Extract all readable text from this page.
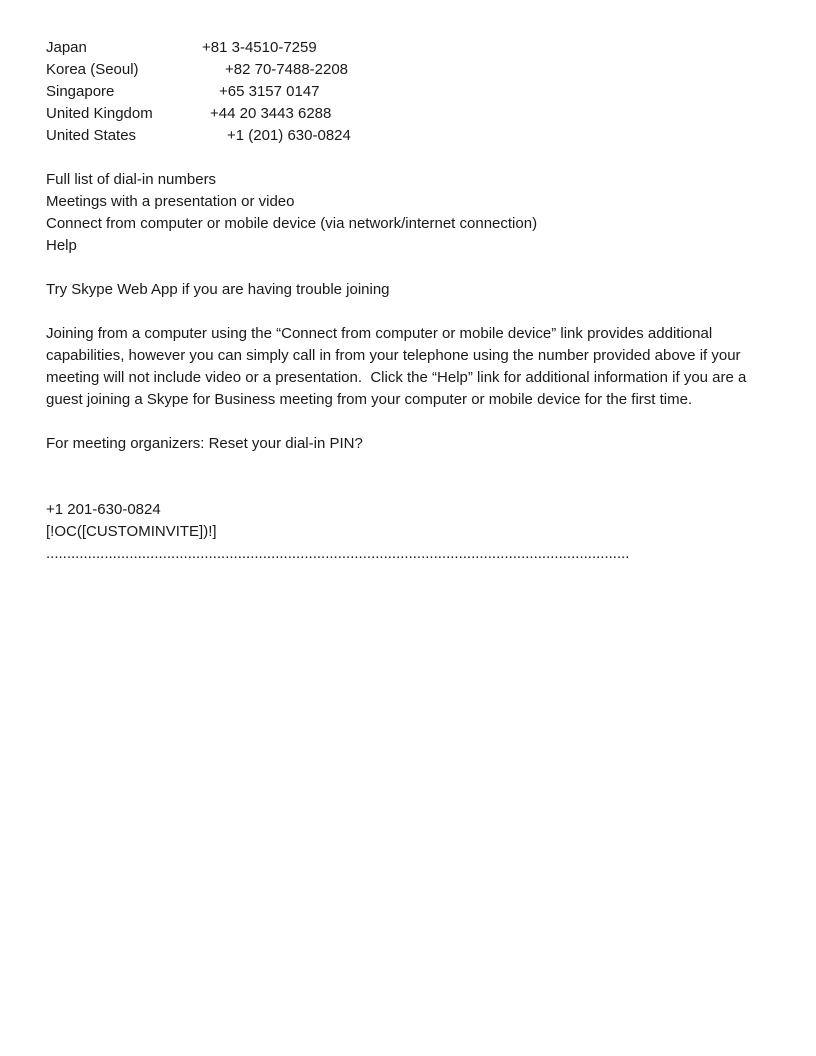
Japan	+81 3-4510-7259
Korea (Seoul)	+82 70-7488-2208
Singapore	+65 3157 0147
United Kingdom	+44 20 3443 6288
United States	+1 (201) 630-0824
Full list of dial-in numbers
Meetings with a presentation or video
Connect from computer or mobile device (via network/internet connection)
Help
Try Skype Web App if you are having trouble joining
Joining from a computer using the “Connect from computer or mobile device” link provides additional capabilities, however you can simply call in from your telephone using the number provided above if your meeting will not include video or a presentation.  Click the “Help” link for additional information if you are a guest joining a Skype for Business meeting from your computer or mobile device for the first time.
For meeting organizers: Reset your dial-in PIN?
+1 201-630-0824
[!OC([CUSTOMINVITE])!]
............................................................................................................................................
